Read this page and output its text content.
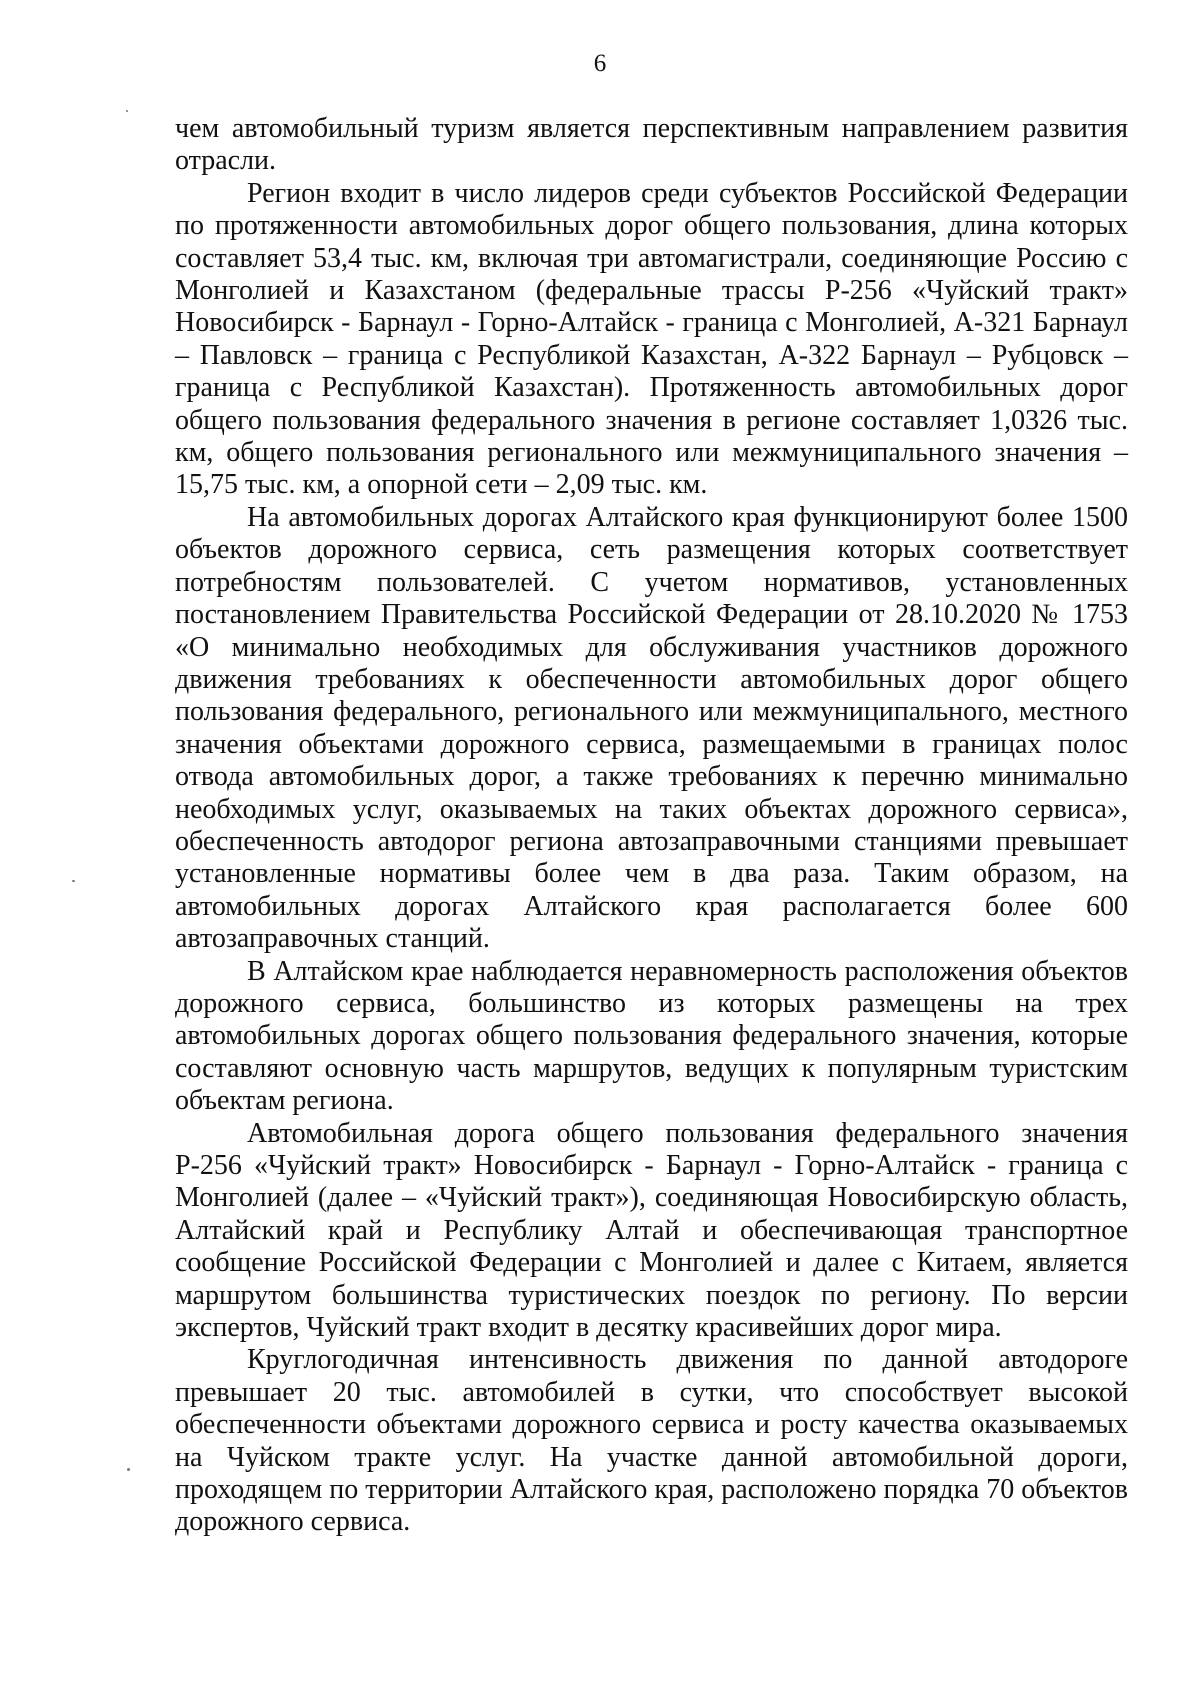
6

чем автомобильный туризм является перспективным направлением развития отрасли.

Регион входит в число лидеров среди субъектов Российской Федерации по протяженности автомобильных дорог общего пользования, длина которых составляет 53,4 тыс. км, включая три автомагистрали, соединяющие Россию с Монголией и Казахстаном (федеральные трассы Р-256 «Чуйский тракт» Новосибирск - Барнаул - Горно-Алтайск - граница с Монголией, А-321 Барнаул – Павловск – граница с Республикой Казахстан, А-322 Барнаул – Рубцовск – граница с Республикой Казахстан). Протяженность автомобильных дорог общего пользования федерального значения в регионе составляет 1,0326 тыс. км, общего пользования регионального или межмуниципального значения – 15,75 тыс. км, а опорной сети – 2,09 тыс. км.

На автомобильных дорогах Алтайского края функционируют более 1500 объектов дорожного сервиса, сеть размещения которых соответствует потребностям пользователей. С учетом нормативов, установленных постановлением Правительства Российской Федерации от 28.10.2020 № 1753 «О минимально необходимых для обслуживания участников дорожного движения требованиях к обеспеченности автомобильных дорог общего пользования федерального, регионального или межмуниципального, местного значения объектами дорожного сервиса, размещаемыми в границах полос отвода автомобильных дорог, а также требованиях к перечню минимально необходимых услуг, оказываемых на таких объектах дорожного сервиса», обеспеченность автодорог региона автозаправочными станциями превышает установленные нормативы более чем в два раза. Таким образом, на автомобильных дорогах Алтайского края располагается более 600 автозаправочных станций.

В Алтайском крае наблюдается неравномерность расположения объектов дорожного сервиса, большинство из которых размещены на трех автомобильных дорогах общего пользования федерального значения, которые составляют основную часть маршрутов, ведущих к популярным туристским объектам региона.

Автомобильная дорога общего пользования федерального значения Р-256 «Чуйский тракт» Новосибирск - Барнаул - Горно-Алтайск - граница с Монголией (далее – «Чуйский тракт»), соединяющая Новосибирскую область, Алтайский край и Республику Алтай и обеспечивающая транспортное сообщение Российской Федерации с Монголией и далее с Китаем, является маршрутом большинства туристических поездок по региону. По версии экспертов, Чуйский тракт входит в десятку красивейших дорог мира.

Круглогодичная интенсивность движения по данной автодороге превышает 20 тыс. автомобилей в сутки, что способствует высокой обеспеченности объектами дорожного сервиса и росту качества оказываемых на Чуйском тракте услуг. На участке данной автомобильной дороги, проходящем по территории Алтайского края, расположено порядка 70 объектов дорожного сервиса.
